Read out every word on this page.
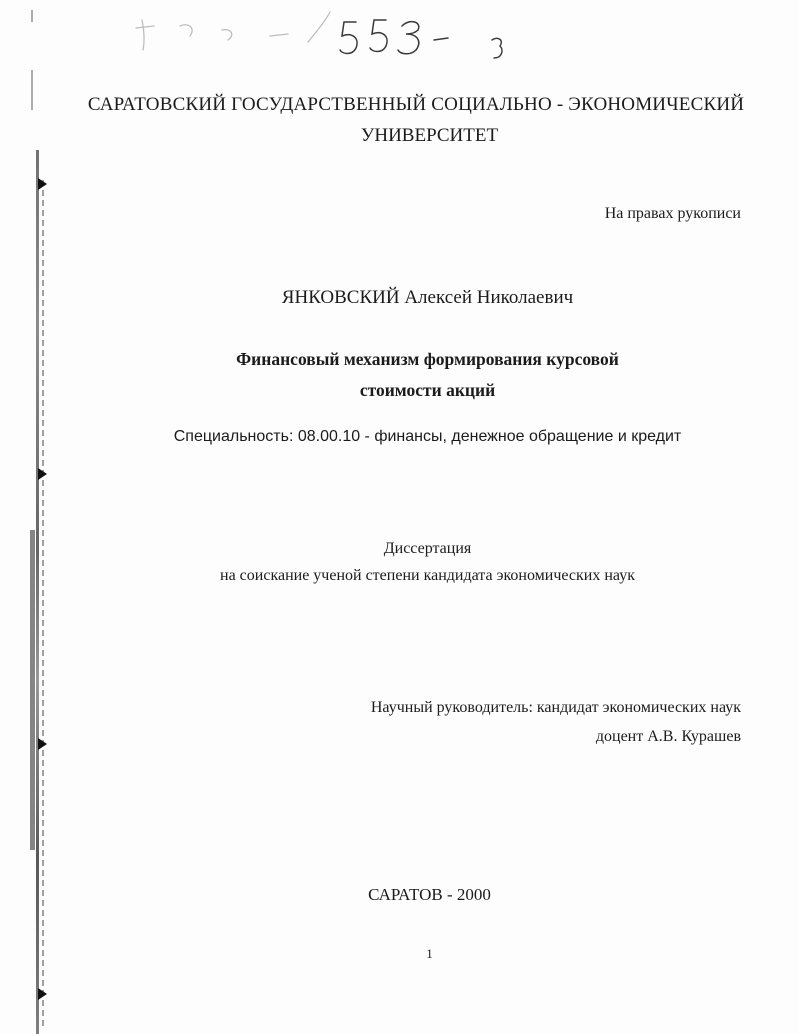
САРАТОВСКИЙ ГОСУДАРСТВЕННЫЙ СОЦИАЛЬНО - ЭКОНОМИЧЕСКИЙ

УНИВЕРСИТЕТ

На правах рукописи

ЯНКОВСКИЙ Алексей Николаевич

Финансовый механизм формирования курсовой

стоимости акций

Специальность: 08.00.10 - финансы, денежное обращение и кредит

Диссертация

на соискание ученой степени кандидата экономических наук

Научный руководитель: кандидат экономических наук

доцент А.В. Курашев

САРАТОВ - 2000

1
